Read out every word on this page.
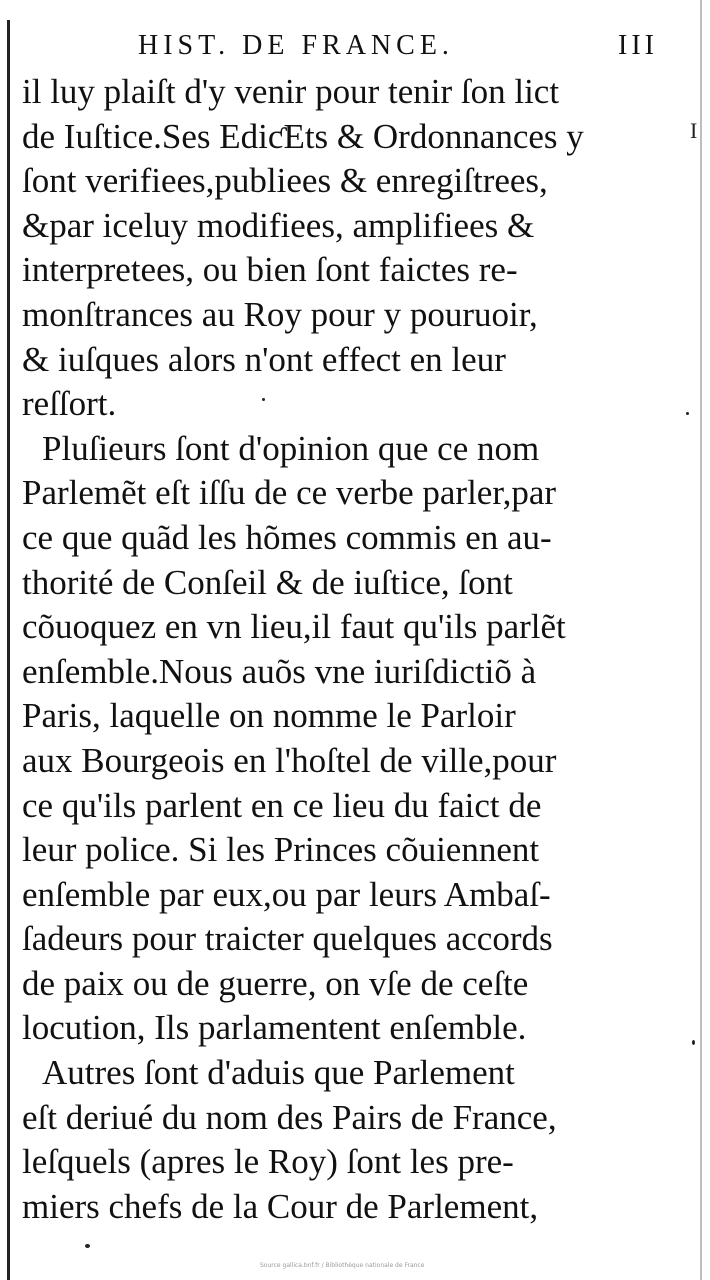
HIST. DE FRANCE.	III
I
il luy plaiſt d'y venir pour tenir ſon lict
de Iuſtice.Ses EdiƈEts & Ordonnances y
ſont verifiees,publiees & enregiſtrees,
&par iceluy modifiees, amplifiees &
interpretees, ou bien ſont faictes re-
monſtrances au Roy pour y pouruoir,
& iuſques alors n'ont effect en leur
reſſort.
Pluſieurs ſont d'opinion que ce nom
Parlemẽt eſt iſſu de ce verbe parler,par
ce que quãd les hõmes commis en au-
thorité de Conſeil & de iuſtice, ſont
cõuoquez en vn lieu,il faut qu'ils parlẽt
enſemble.Nous auõs vne iuriſdictiõ à
Paris, laquelle on nomme le Parloir
aux Bourgeois en l'hoſtel de ville,pour
ce qu'ils parlent en ce lieu du faict de
leur police. Si les Princes cõuiennent
enſemble par eux,ou par leurs Ambaſ-
ſadeurs pour traicter quelques accords
de paix ou de guerre, on vſe de ceſte
locution, Ils parlamentent enſemble.
Autres ſont d'aduis que Parlement
eſt deriué du nom des Pairs de France,
leſquels (apres le Roy) ſont les pre-
miers chefs de la Cour de Parlement,
Source gallica.bnf.fr / Bibliothèque nationale de France
